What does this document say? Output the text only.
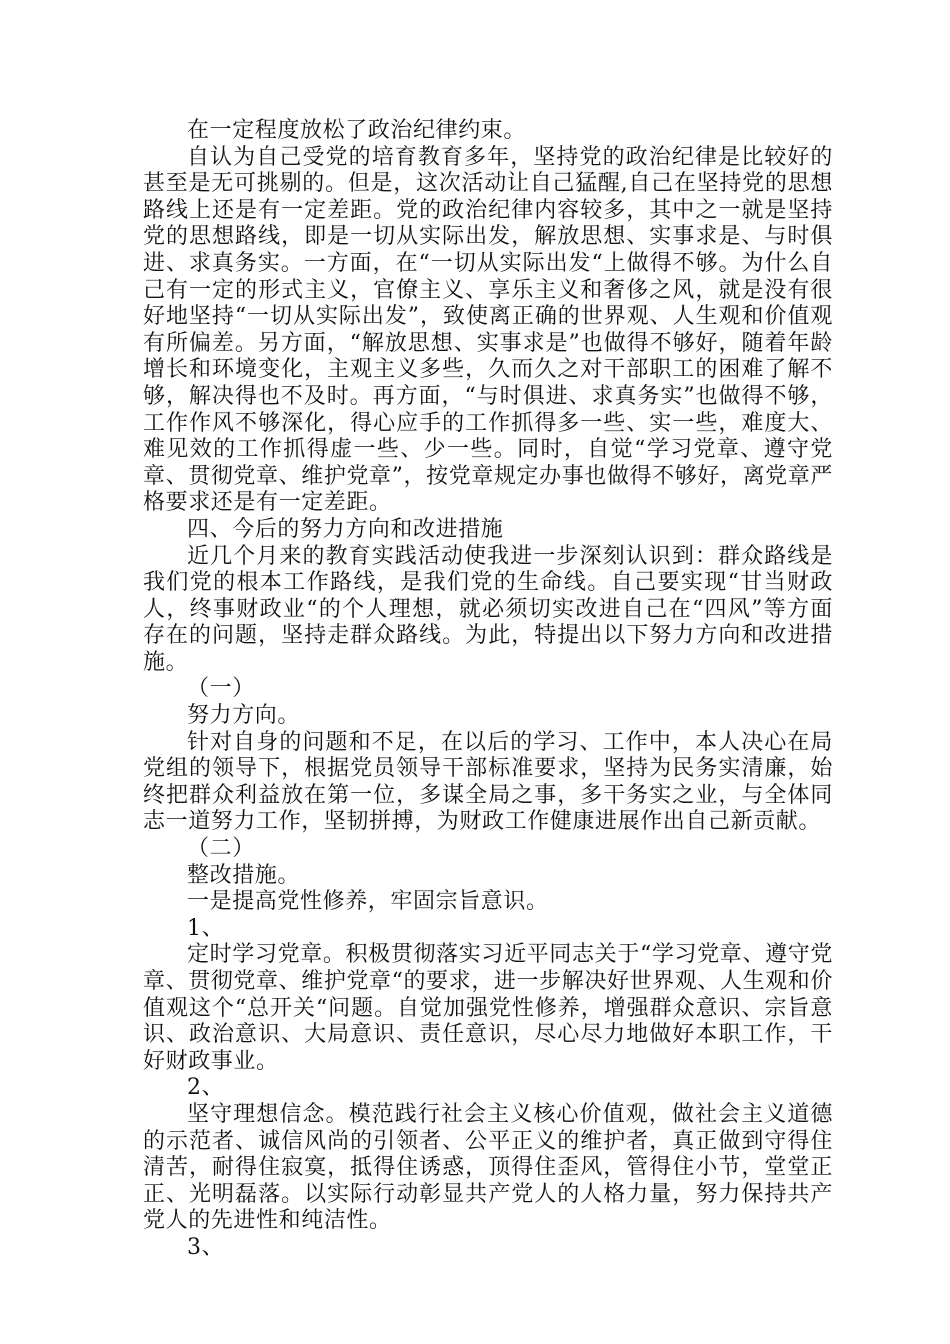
在一定程度放松了政治纪律约束。

自认为自己受党的培育教育多年，坚持党的政治纪律是比较好的甚至是无可挑剔的。但是，这次活动让自己猛醒,自己在坚持党的思想路线上还是有一定差距。党的政治纪律内容较多，其中之一就是坚持党的思想路线，即是一切从实际出发，解放思想、实事求是、与时俱进、求真务实。一方面，在“一切从实际出发“上做得不够。为什么自己有一定的形式主义，官僚主义、享乐主义和奢侈之风，就是没有很好地坚持“一切从实际出发”，致使离正确的世界观、人生观和价值观有所偏差。另方面，“解放思想、实事求是”也做得不够好，随着年龄增长和环境变化，主观主义多些，久而久之对干部职工的困难了解不够，解决得也不及时。再方面，“与时俱进、求真务实”也做得不够，工作作风不够深化，得心应手的工作抓得多一些、实一些，难度大、难见效的工作抓得虚一些、少一些。同时，自觉“学习党章、遵守党章、贯彻党章、维护党章”，按党章规定办事也做得不够好，离党章严格要求还是有一定差距。

四、今后的努力方向和改进措施

近几个月来的教育实践活动使我进一步深刻认识到：群众路线是我们党的根本工作路线，是我们党的生命线。自己要实现“甘当财政人，终事财政业“的个人理想，就必须切实改进自己在“四风”等方面存在的问题，坚持走群众路线。为此，特提出以下努力方向和改进措施。

（一）

努力方向。

针对自身的问题和不足，在以后的学习、工作中，本人决心在局党组的领导下，根据党员领导干部标准要求，坚持为民务实清廉，始终把群众利益放在第一位，多谋全局之事，多干务实之业，与全体同志一道努力工作，坚韧拼搏，为财政工作健康进展作出自己新贡献。

（二）

整改措施。

一是提高党性修养，牢固宗旨意识。

1、

定时学习党章。积极贯彻落实习近平同志关于“学习党章、遵守党章、贯彻党章、维护党章“的要求，进一步解决好世界观、人生观和价值观这个“总开关“问题。自觉加强党性修养，增强群众意识、宗旨意识、政治意识、大局意识、责任意识，尽心尽力地做好本职工作，干好财政事业。

2、

坚守理想信念。模范践行社会主义核心价值观，做社会主义道德的示范者、诚信风尚的引领者、公平正义的维护者，真正做到守得住清苦，耐得住寂寞，抵得住诱惑，顶得住歪风，管得住小节，堂堂正正、光明磊落。以实际行动彰显共产党人的人格力量，努力保持共产党人的先进性和纯洁性。

3、
